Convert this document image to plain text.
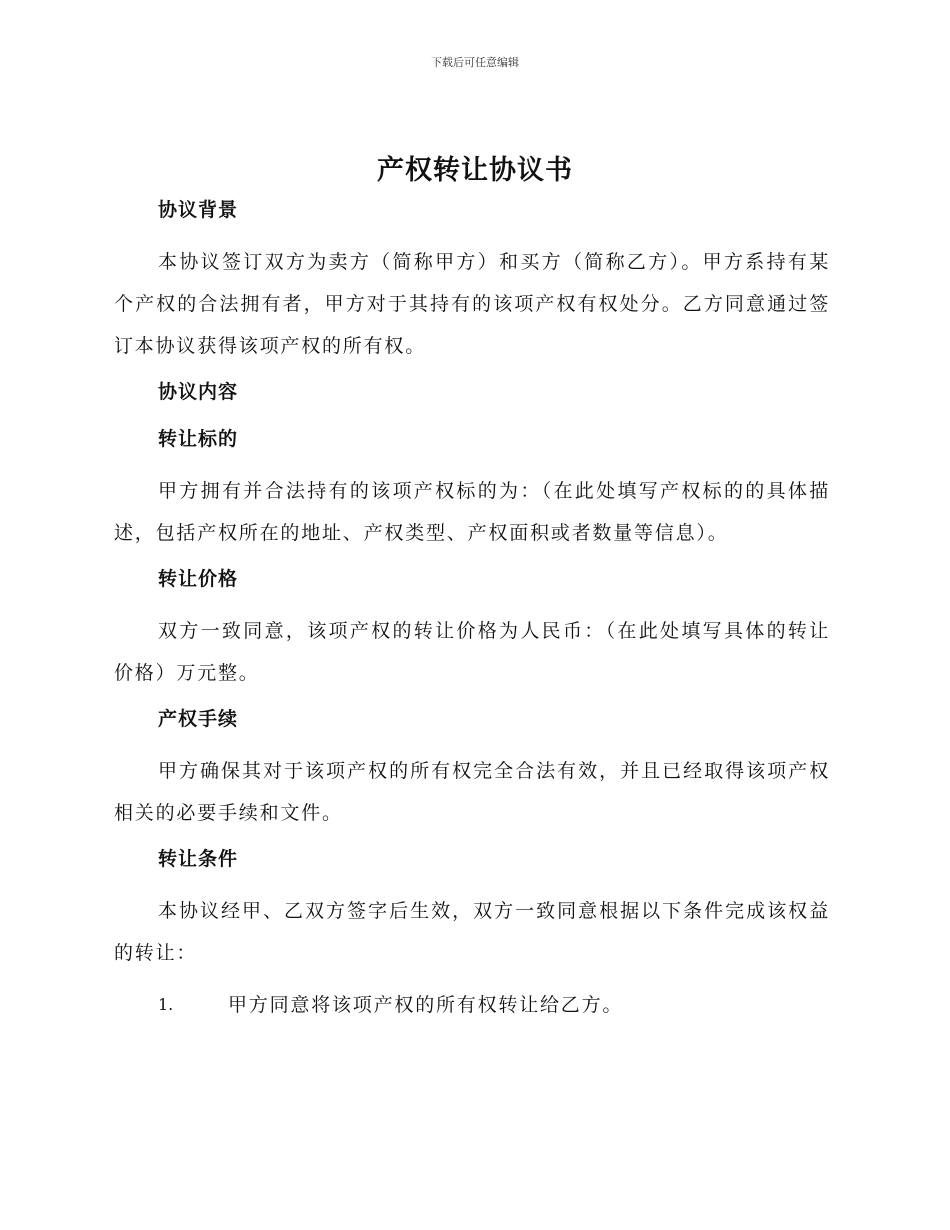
下载后可任意编辑
产权转让协议书
协议背景

本协议签订双方为卖方（简称甲方）和买方（简称乙方）。甲方系持有某个产权的合法拥有者，甲方对于其持有的该项产权有权处分。乙方同意通过签订本协议获得该项产权的所有权。

协议内容
转让标的

甲方拥有并合法持有的该项产权标的为：（在此处填写产权标的的具体描述，包括产权所在的地址、产权类型、产权面积或者数量等信息）。

转让价格

双方一致同意，该项产权的转让价格为人民币：（在此处填写具体的转让价格）万元整。

产权手续

甲方确保其对于该项产权的所有权完全合法有效，并且已经取得该项产权相关的必要手续和文件。

转让条件

本协议经甲、乙双方签字后生效，双方一致同意根据以下条件完成该权益的转让：

1.	甲方同意将该项产权的所有权转让给乙方。
